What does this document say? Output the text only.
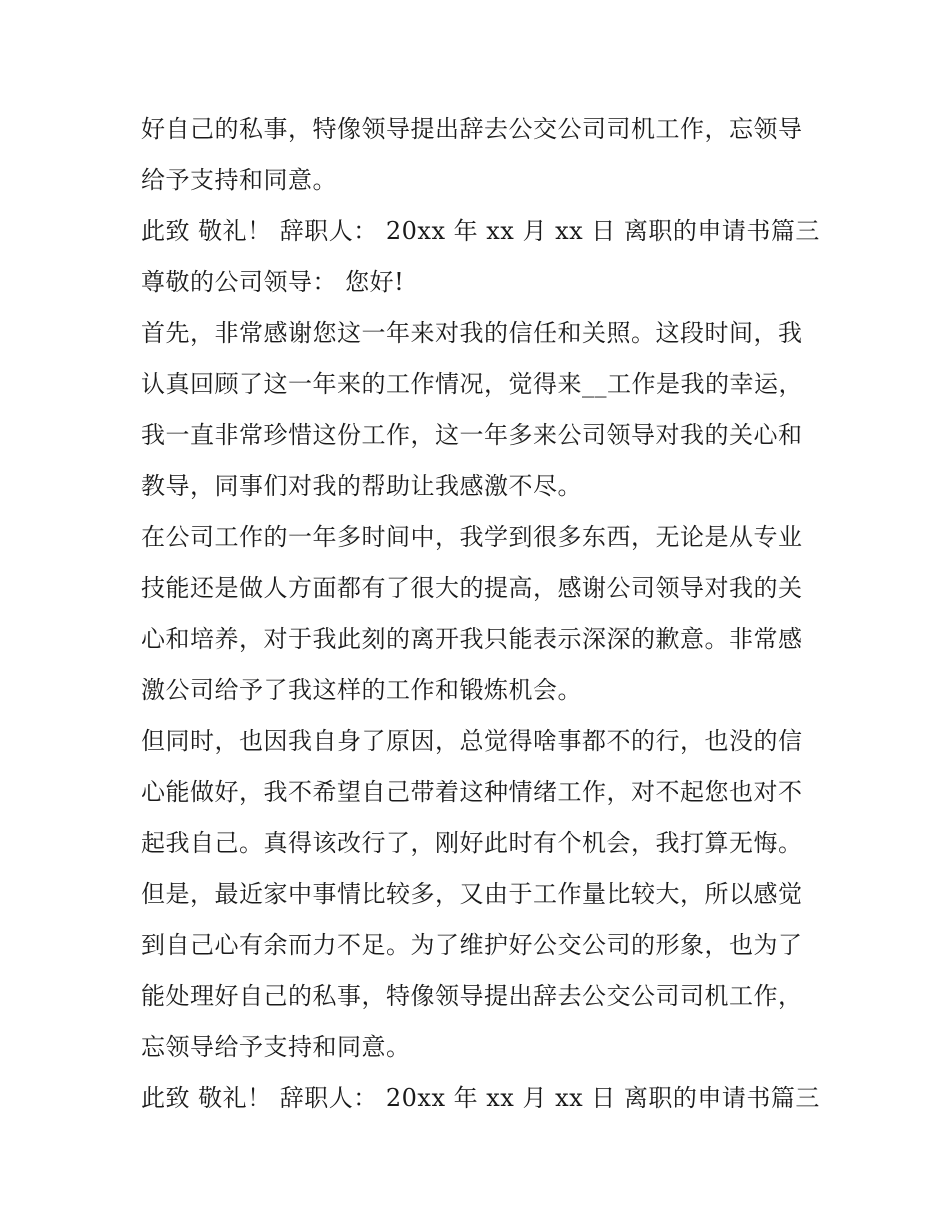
好自己的私事，特像领导提出辞去公交公司司机工作，忘领导
给予支持和同意。
此致 敬礼！ 辞职人： 20xx 年 xx 月 xx 日 离职的申请书篇三
尊敬的公司领导： 您好!
首先，非常感谢您这一年来对我的信任和关照。这段时间，我
认真回顾了这一年来的工作情况，觉得来__工作是我的幸运，
我一直非常珍惜这份工作，这一年多来公司领导对我的关心和
教导，同事们对我的帮助让我感激不尽。
在公司工作的一年多时间中，我学到很多东西，无论是从专业
技能还是做人方面都有了很大的提高，感谢公司领导对我的关
心和培养，对于我此刻的离开我只能表示深深的歉意。非常感
激公司给予了我这样的工作和锻炼机会。
但同时，也因我自身了原因，总觉得啥事都不的行，也没的信
心能做好，我不希望自己带着这种情绪工作，对不起您也对不
起我自己。真得该改行了，刚好此时有个机会，我打算无悔。
但是，最近家中事情比较多，又由于工作量比较大，所以感觉
到自己心有余而力不足。为了维护好公交公司的形象，也为了
能处理好自己的私事，特像领导提出辞去公交公司司机工作，
忘领导给予支持和同意。
此致 敬礼！ 辞职人： 20xx 年 xx 月 xx 日 离职的申请书篇三
